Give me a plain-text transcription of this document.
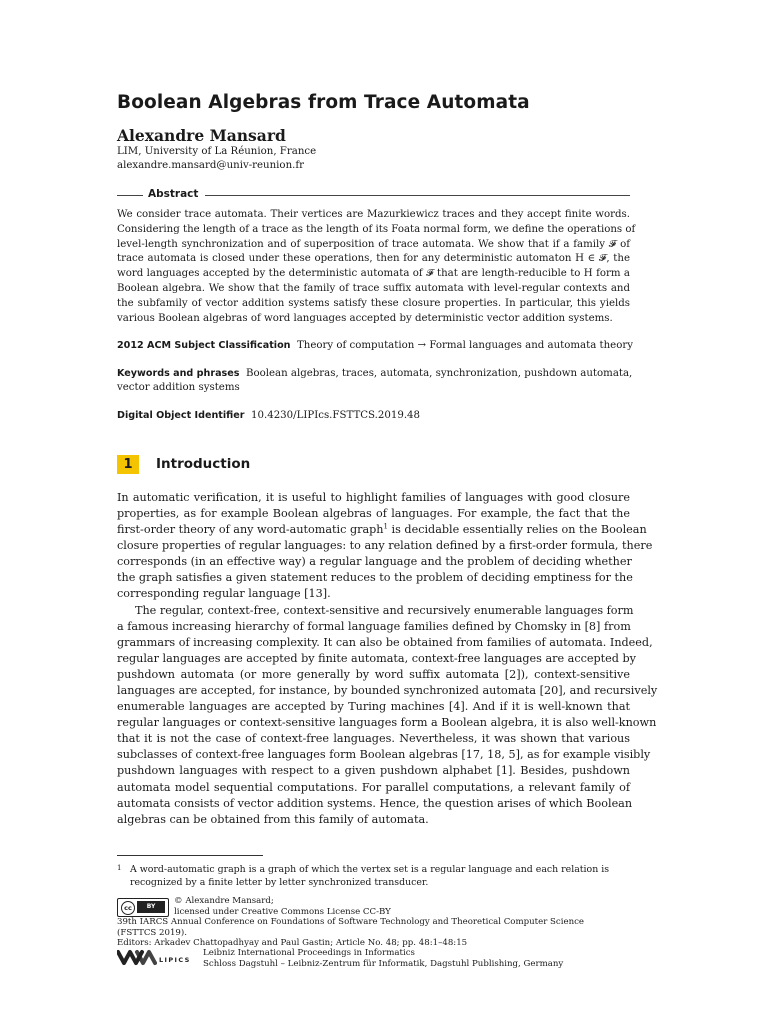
Boolean Algebras from Trace Automata
Alexandre Mansard
LIM, University of La Réunion, France
alexandre.mansard@univ-reunion.fr
Abstract
We consider trace automata. Their vertices are Mazurkiewicz traces and they accept finite words.
Considering the length of a trace as the length of its Foata normal form, we define the operations of
level-length synchronization and of superposition of trace automata. We show that if a family 𝓕 of
trace automata is closed under these operations, then for any deterministic automaton H ∈ 𝓕, the
word languages accepted by the deterministic automata of 𝓕 that are length-reducible to H form a
Boolean algebra. We show that the family of trace suffix automata with level-regular contexts and
the subfamily of vector addition systems satisfy these closure properties. In particular, this yields
various Boolean algebras of word languages accepted by deterministic vector addition systems.
2012 ACM Subject Classification Theory of computation → Formal languages and automata theory
Keywords and phrases Boolean algebras, traces, automata, synchronization, pushdown automata,
vector addition systems
Digital Object Identifier 10.4230/LIPIcs.FSTTCS.2019.48
1	Introduction
In automatic verification, it is useful to highlight families of languages with good closure
properties, as for example Boolean algebras of languages. For example, the fact that the
first-order theory of any word-automatic graph$^1$ is decidable essentially relies on the Boolean
closure properties of regular languages: to any relation defined by a first-order formula, there
corresponds (in an effective way) a regular language and the problem of deciding whether
the graph satisfies a given statement reduces to the problem of deciding emptiness for the
corresponding regular language [13].
The regular, context-free, context-sensitive and recursively enumerable languages form
a famous increasing hierarchy of formal language families defined by Chomsky in [8] from
grammars of increasing complexity. It can also be obtained from families of automata. Indeed,
regular languages are accepted by finite automata, context-free languages are accepted by
pushdown automata (or more generally by word suffix automata [2]), context-sensitive
languages are accepted, for instance, by bounded synchronized automata [20], and recursively
enumerable languages are accepted by Turing machines [4]. And if it is well-known that
regular languages or context-sensitive languages form a Boolean algebra, it is also well-known
that it is not the case of context-free languages. Nevertheless, it was shown that various
subclasses of context-free languages form Boolean algebras [17, 18, 5], as for example visibly
pushdown languages with respect to a given pushdown alphabet [1]. Besides, pushdown
automata model sequential computations. For parallel computations, a relevant family of
automata consists of vector addition systems. Hence, the question arises of which Boolean
algebras can be obtained from this family of automata.
1 A word-automatic graph is a graph of which the vertex set is a regular language and each relation is
recognized by a finite letter by letter synchronized transducer.
cc	BY
© Alexandre Mansard;
licensed under Creative Commons License CC-BY
39th IARCS Annual Conference on Foundations of Software Technology and Theoretical Computer Science
(FSTTCS 2019).
Editors: Arkadev Chattopadhyay and Paul Gastin; Article No. 48; pp. 48:1–48:15
LIPICS
Leibniz International Proceedings in Informatics
Schloss Dagstuhl – Leibniz-Zentrum für Informatik, Dagstuhl Publishing, Germany
